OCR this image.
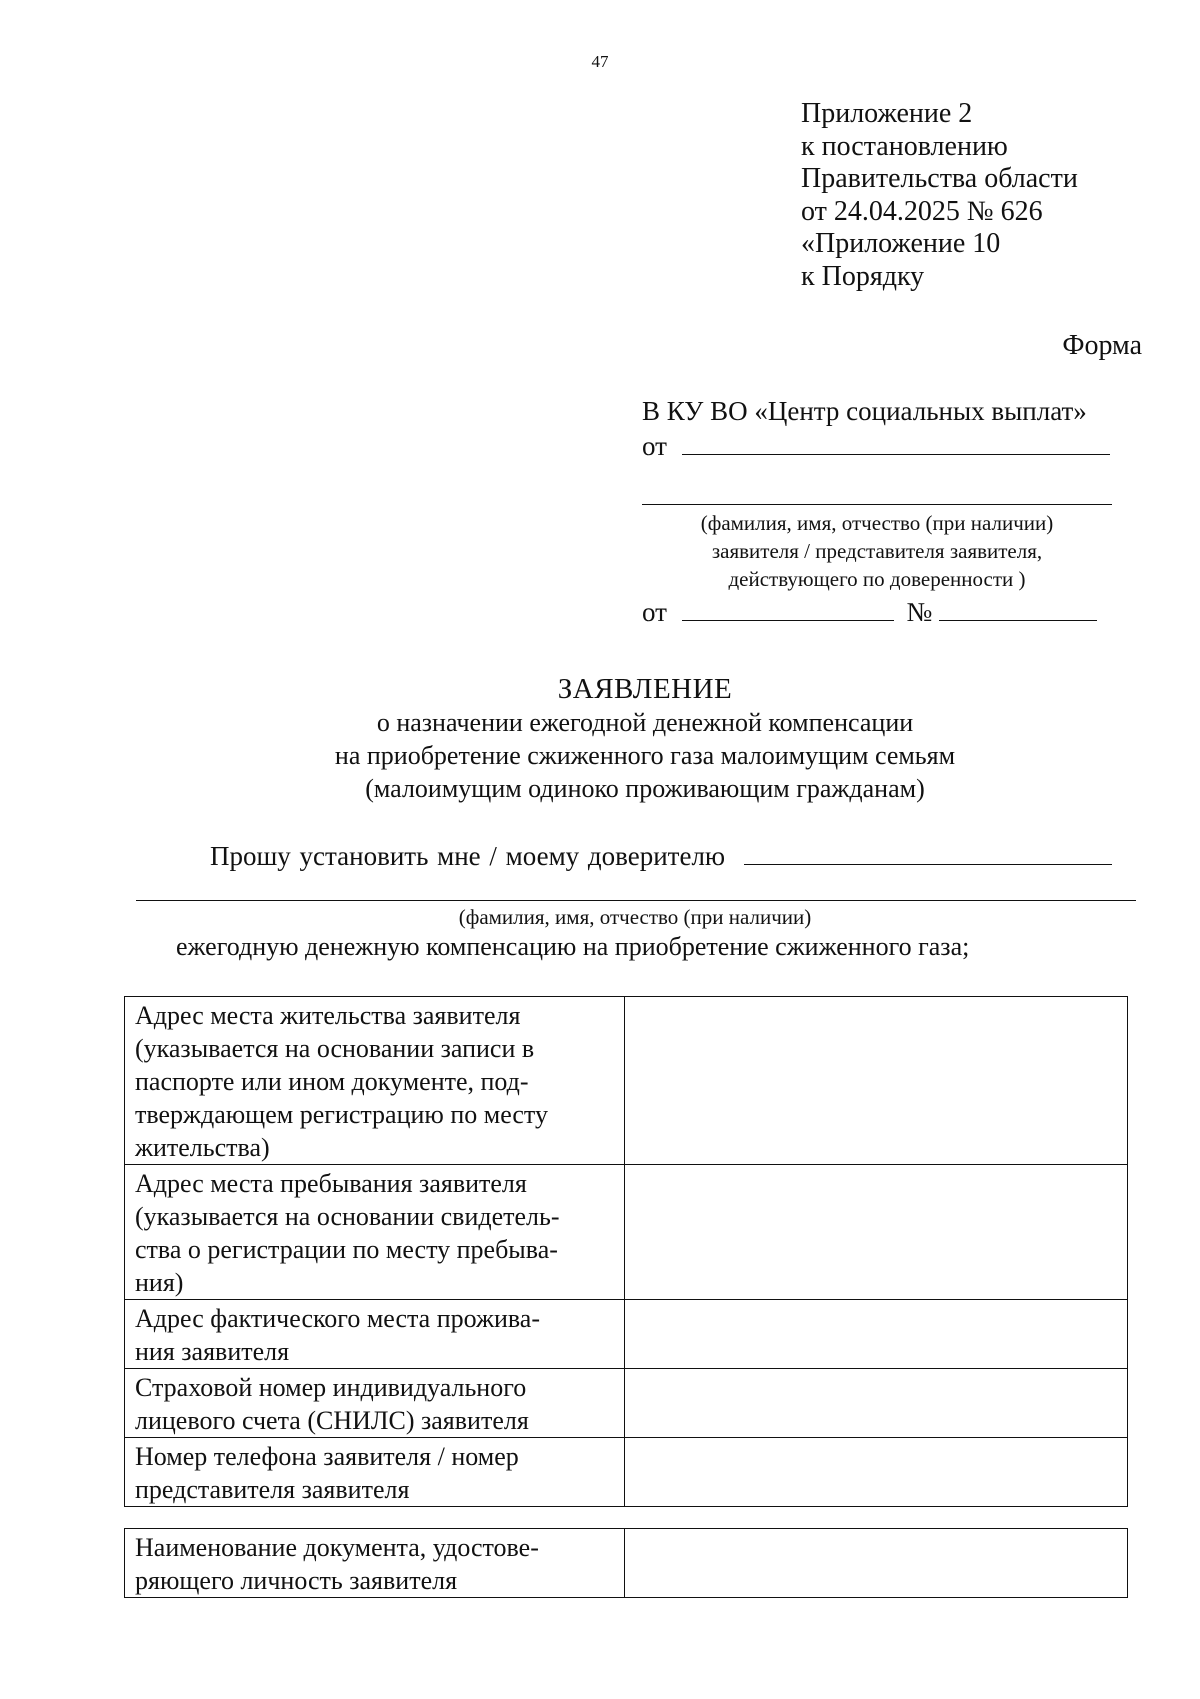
47
Приложение 2
к постановлению
Правительства области
от 24.04.2025 № 626
«Приложение 10
к Порядку
Форма
В КУ ВО «Центр социальных выплат»
от
(фамилия, имя, отчество (при наличии)
заявителя / представителя заявителя,
действующего по доверенности )
от	№
ЗАЯВЛЕНИЕ
о назначении ежегодной денежной компенсации
на приобретение сжиженного газа малоимущим семьям
(малоимущим одиноко проживающим гражданам)
Прошу установить мне / моему доверителю
(фамилия, имя, отчество (при наличии)
ежегодную денежную компенсацию на приобретение сжиженного газа;
Адрес места жительства заявителя
(указывается на основании записи в
паспорте или ином документе, под-
тверждающем регистрацию по месту
жительства)	

Адрес места пребывания заявителя
(указывается на основании свидетель-
ства о регистрации по месту пребыва-
ния)	

Адрес фактического места прожива-
ния заявителя	

Страховой номер индивидуального
лицевого счета (СНИЛС) заявителя	

Номер телефона заявителя / номер
представителя заявителя	

Наименование документа, удостове-
ряющего личность заявителя
